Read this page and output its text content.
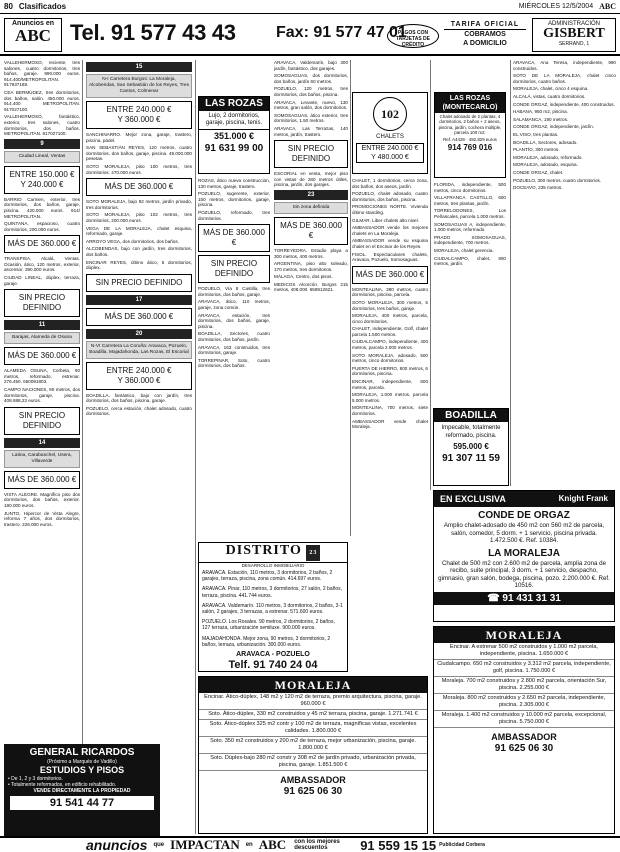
80 Clasificados	MIÉRCOLES 12/5/2004 ABC
Anuncios en
ABC Tel. 91 577 43 43	Fax: 91 577 47 01
PAGOS CON TARJETAS DE CRÉDITO
TARIFA OFICIAL
COBRAMOS
A DOMICILIO
ADMINISTRACIÓN
GISBERT
SERRANO, 1

VALLEHERMOSO, reciente, tres salones, cuatro dormitorios, tres baños, garaje. 990.000 euros. 914.400/METROPOLITAN. 917937188.

CEA BERMÚDEZ, tres dormitorios, dos baños, salón. 450.000 euros. 914.400 METROPOLITAN. 917027100.

VALLEHERMOSO, fantástico, exterior, tres salones, cuatro dormitorios, dos baños. METROPOLITAN. 917027100.

9
Ciudad Lineal, Ventas
ENTRE 150.000 €
Y 240.000 €

BARRIO Carmen, exterior, tres dormitorios, dos baños, garaje, piscina. 420.000 euros. 914/ METROPOLITAN.

QUINTANA, espacioso, cuatro dormitorios, 200.000 euros.

MÁS DE 360.000 €

TRANSPISA, Alcalá, Ventas. Ocasión, ático, 120 metros, exterior, ascensor. 390.000 euros.

CIUDAD LINEAL, dúplex, terraza, garaje.

SIN PRECIO DEFINIDO
11
Barajas, Alameda de Osuna
MÁS DE 360.000 €

ALAMEDA OSUNA, Corbeta, 90 metros, reformado, estrenar. 276.450. 650091803.

CAMPO NACIONES, 90 metros, dos dormitorios, garaje, piscina. 408.688,23 euros.

SIN PRECIO DEFINIDO
14
Latina, Carabanchel, Usera, Villaverde
MÁS DE 360.000 €

VISTA ALEGRE. Magnífico piso dos dormitorios, dos baños, exterior. 180.000 euros.

JUNTO, Hipercor de Vista Alegre, reforma 7 años, dos dormitorios, trastero. 226.000 euros.

15
N-I Carretera Burgos: La Moraleja, Alcobendas, San Sebastián de los Reyes, Tres Cantos, Colmenar
ENTRE 240.000 €
Y 360.000 €

SANCHINARRO. Mejor zona, garaje, trastero, piscina, pádel.

SAN SEBASTIÁN REYES, 120 metros, cuatro dormitorios, dos baños, garaje, piscina. 49.000.000 pesetas.

SOTO MORALEJA, piso 100 metros, tres dormitorios. 470.000 euros.

MÁS DE 360.000 €

SOTO MORALEJA, bajo 92 metros, jardín privado, tres dormitorios.

SOTO MORALEJA, piso 102 metros, tres dormitorios, 200.000 euros.

VEGA DE LA MORALEJA, chalet esquina, reformado, garaje.

ARROYO VEGA, dos dormitorios, dos baños.

ALCOBENDAS, bajo con jardín, tres dormitorios, dos baños.

ENCINAR REYES, último ático, 5 dormitorios, dúplex.

SIN PRECIO DEFINIDO
17
MÁS DE 360.000 €
20
N-VI Carretera La Coruña: Aravaca, Pozuelo, Boadilla, Majadahonda, Las Rozas, El Escorial
ENTRE 240.000 €
Y 360.000 €

BOADILLA, fantástico, bajo con jardín, tres dormitorios, dos baños, piscina, garaje.

POZUELO, cerca estación, chalet adosado, cuatro dormitorios.

LAS ROZAS
Lujo, 2 dormitorios, garaje, piscina, tenis.
351.000 €
91 631 99 00

ROZAS, ático nueva construcción, 130 metros, garaje, trastero.

POZUELO, sugerente, exterior, 150 metros, dormitorios, garaje, piscina.

POZUELO, reformado, tres dormitorios.

MÁS DE 360.000 €
SIN PRECIO DEFINIDO

POZUELO, Vía 8 Castilla, tres dormitorios, dos baños, garaje.

ARAVACA, ático, 110 metros, garaje, zona común.

ARAVACA, estación, tres dormitorios, dos baños, garaje, piscina.

BOADILLA, Sectores, cuatro dormitorios, dos baños, jardín.

ARAVACA, 163 construidos, tres dormitorios, garaje.

TORREPINAR, Soto, cuatro dormitorios, dos baños.

ARAVACA, Valdemarín, bajo 300 jardín, fantástico, dos garajes.

SOMOSAGUAS, dos dormitorios, dos baños, jardín 60 metros.

POZUELO, 120 metros, tres dormitorios, dos baños, piscina.

ARAVACA, Levante, nuevo, 130 metros, gran salón, dos dormitorios.

SOMOSAGUAS, ático exterior, tres dormitorios, 1.50 metros.

ARAVACA, Las Terrazas, 140 metros, jardín, trastero.

SIN PRECIO DEFINIDO

ESCORIAL en venta, mejor piso con vistas de 280 metros útiles, piscina, jardín, dos garajes.

23
Sin zona definida
MÁS DE 360.000 €

TORREYEDRA. Estudio playa a 300 metros, 400 metros.

ARGENTINA, piso alto soleado, 170 metros, tres dormitorios.

MÁLAGA, Centro, dos pisos.

MEDICOS Alcorcón. Burgos 215 metros, 408.000. 658912621.

DISTRITO 23
DESARROLLO INMOBILIARIO
ARAVACA. Estación, 110 metros, 3 dormitorios, 2 baños, 2 garajes, terraza, piscina, zona común. 414.697 euros.
ARAVACA. Pinar, 110 metros, 3 dormitorios, 27 salón, 2 baños, terraza, piscina. 441.744 euros.
ARAVACA. Valdemarín. 110 metros, 3 dormitorios, 2 baños, 3-1 salón, 2 garajes, 3 terrazas, a estrenar. 571.600 euros.
POZUELO. Los Rosales. 90 metros, 2 dormitorios, 2 baños, 127 terraza, urbanización semiluxe. 900.000 euros.
MAJADAHONDA. Mejor zona, 90 metros, 3 dormitorios, 2 baños, terraza, urbanización. 300.000 euros.
ARAVACA - POZUELO
Telf. 91 740 24 04
102
CHALETS
ENTRE 240.000 €
Y 480.000 €

CHALET, 1 dormitorios, cerca zona, dos baños, dos aseos, jardín.

POZUELO, chalet adosado, cuatro dormitorios, dos baños, piscina.

PROMOCIONES NORTE. Vivienda último standing.

GILMAR. Liber chalets alto nivel.

AMBASSADOR vende los mejores chalets en La Moraleja.

AMBASSADOR vende su esquina chalet en el Encinar de los Reyes.

FISOL. Espectaculares chalets, Aravaca, Pozuelo, Somosaguas.

MÁS DE 360.000 €

MONTEALINA, 380 metros, cuatro dormitorios, piscina, parcela.

SOTO MORALEJA, 300 metros, 5 dormitorios, tres baños, garaje.

MORALEJA, 400 metros, parcela, cinco dormitorios.

CHALET, independiente, Golf, chalet parcela 1.500 metros.

CIUDALCAMPO, independiente, 400 metros, parcela 2.000 metros.

SOTO MORALEJA, adosado, 500 metros, cinco dormitorios.

PUERTA DE HIERRO, 800 metros, 6 dormitorios, piscina.

ENCINAR, independiente, 600 metros, parcela.

MORALEJA, 1.000 metros, parcela 5.000 metros.

MONTEALINA, 700 metros, siete dormitorios.

AMBASSADOR vende chalet Moraleja.

LAS ROZAS (MONTECARLO)
Chalet adosado de 2 plantas, 4 dormitorios, 2 baños + 2 aseos, piscina, jardín, cochera múltiple, parcela 100 m2.
Ref. A4428 · 492.829 euros
914 769 016

FLORIDA, independiente, 500 metros, cinco dormitorios.

VILLAFRANCA CASTILLO, 600 metros, tres plantas, jardín.

TORRELODONES, Los Peñascales, parcela 1.000 metros.

SOMOSAGUAS A, independiente, 1.000 metros, reformado.

PRADO SOMOSAGUAS, independiente, 700 metros.

MORALEJA, chalet gerencia.

CIUDALCAMPO, chalet, 800 metros, jardín.

BOADILLA
Impecable, totalmente reformado, piscina.
595.000 €
91 307 11 59

ARAVACA, Ana Teresa, independiente, 990 construidos.

SOTO DE LA MORALEJA, chalet cinco dormitorios, cuatro baños.

MORALEJA, chalet, cinco 4 esquina.

ALCALÁ, vistas, cuatro dormitorios.

CONDE ORGAZ, independiente, 400 construidos.

HABANA, 950 m2, piscina.

SALAMANCA, 190 metros.

CONDE ORGAZ, independiente, jardín.

EL VISO, tres plantas.

BOADILLA, Sectores, adosado.

PLANTÍO, 300 metros.

MORALEJA, adosado, reformado.

MORALEJA, adosado, esquina.

CONDE ORGAZ, chalet.

POZUELO, 300 metros, cuatro dormitorios.

DOCEAVO, 235 metros.

EN EXCLUSIVA	Knight Frank
CONDE DE ORGAZ
Amplio chalet-adosado de 450 m2 con 560 m2 de parcela, salón, comedor, 5 dorm. + 1 servicio, piscina privada. 1.472.500 €. Ref. 10384.
LA MORALEJA
Chalet de 500 m2 con 2.600 m2 de parcela, amplia zona de recibo, suite principal, 3 dorm. + 1 servicio, despacho, gimnasio, gran salón, bodega, piscina, pozo. 2.200.000 €. Ref. 10516.
☎ 91 431 31 31
MORALEJA
Encinar. Ático-dúplex, 148 m2 y 120 m2 de terraza, premio arquitectura, piscina, garaje. 960.000 €
Soto. Ático-dúplex, 330 m2 construidos y 45 m2 terraza, piscina, garaje. 1.271.741 €
Soto. Ático-dúplex 325 m2 contr y 100 m2 de terraza, magníficas vistas, excelentes calidades. 1.800.000 €
Soto. 350 m2 construidos y 200 m2 de terraza, mejor urbanización, piscina, garaje. 1.800.000 €
Soto. Dúplex-bajo 280 m2 constr y 308 m2 de jardín privado, urbanización privada, piscina, garaje. 1.851.500 €
AMBASSADOR
91 625 06 30
MORALEJA
Encinar. A estrenar 500 m2 construidos y 1.000 m2 parcela, independiente, piscina. 1.650.000 €
Ciudalcampo. 650 m2 construidos y 3.312 m2 parcela, independiente, golf, piscina. 1.750.000 €
Moraleja. 700 m2 construidos y 2.800 m2 parcela, orientación Sur, piscina. 2.255.000 €
Moraleja. 800 m2 construidos y 2.650 m2 parcela, independiente, piscina. 2.305.000 €
Moraleja. 1.400 m2 construidos y 10.000 m2 parcela, excepcional, piscina. 5.750.000 €
AMBASSADOR
91 625 06 30
GENERAL RICARDOS
(Próximo a Marqués de Vadillo)
ESTUDIOS Y PISOS
• De 1, 2 y 3 dormitorios.
• Totalmente reformados, en edificio rehabilitado.
VENDE DIRECTAMENTE LA PROPIEDAD
91 541 44 77
anuncios que IMPACTAN en ABC con los mejores descuentos	91 559 15 15 Publicidad Corbera
